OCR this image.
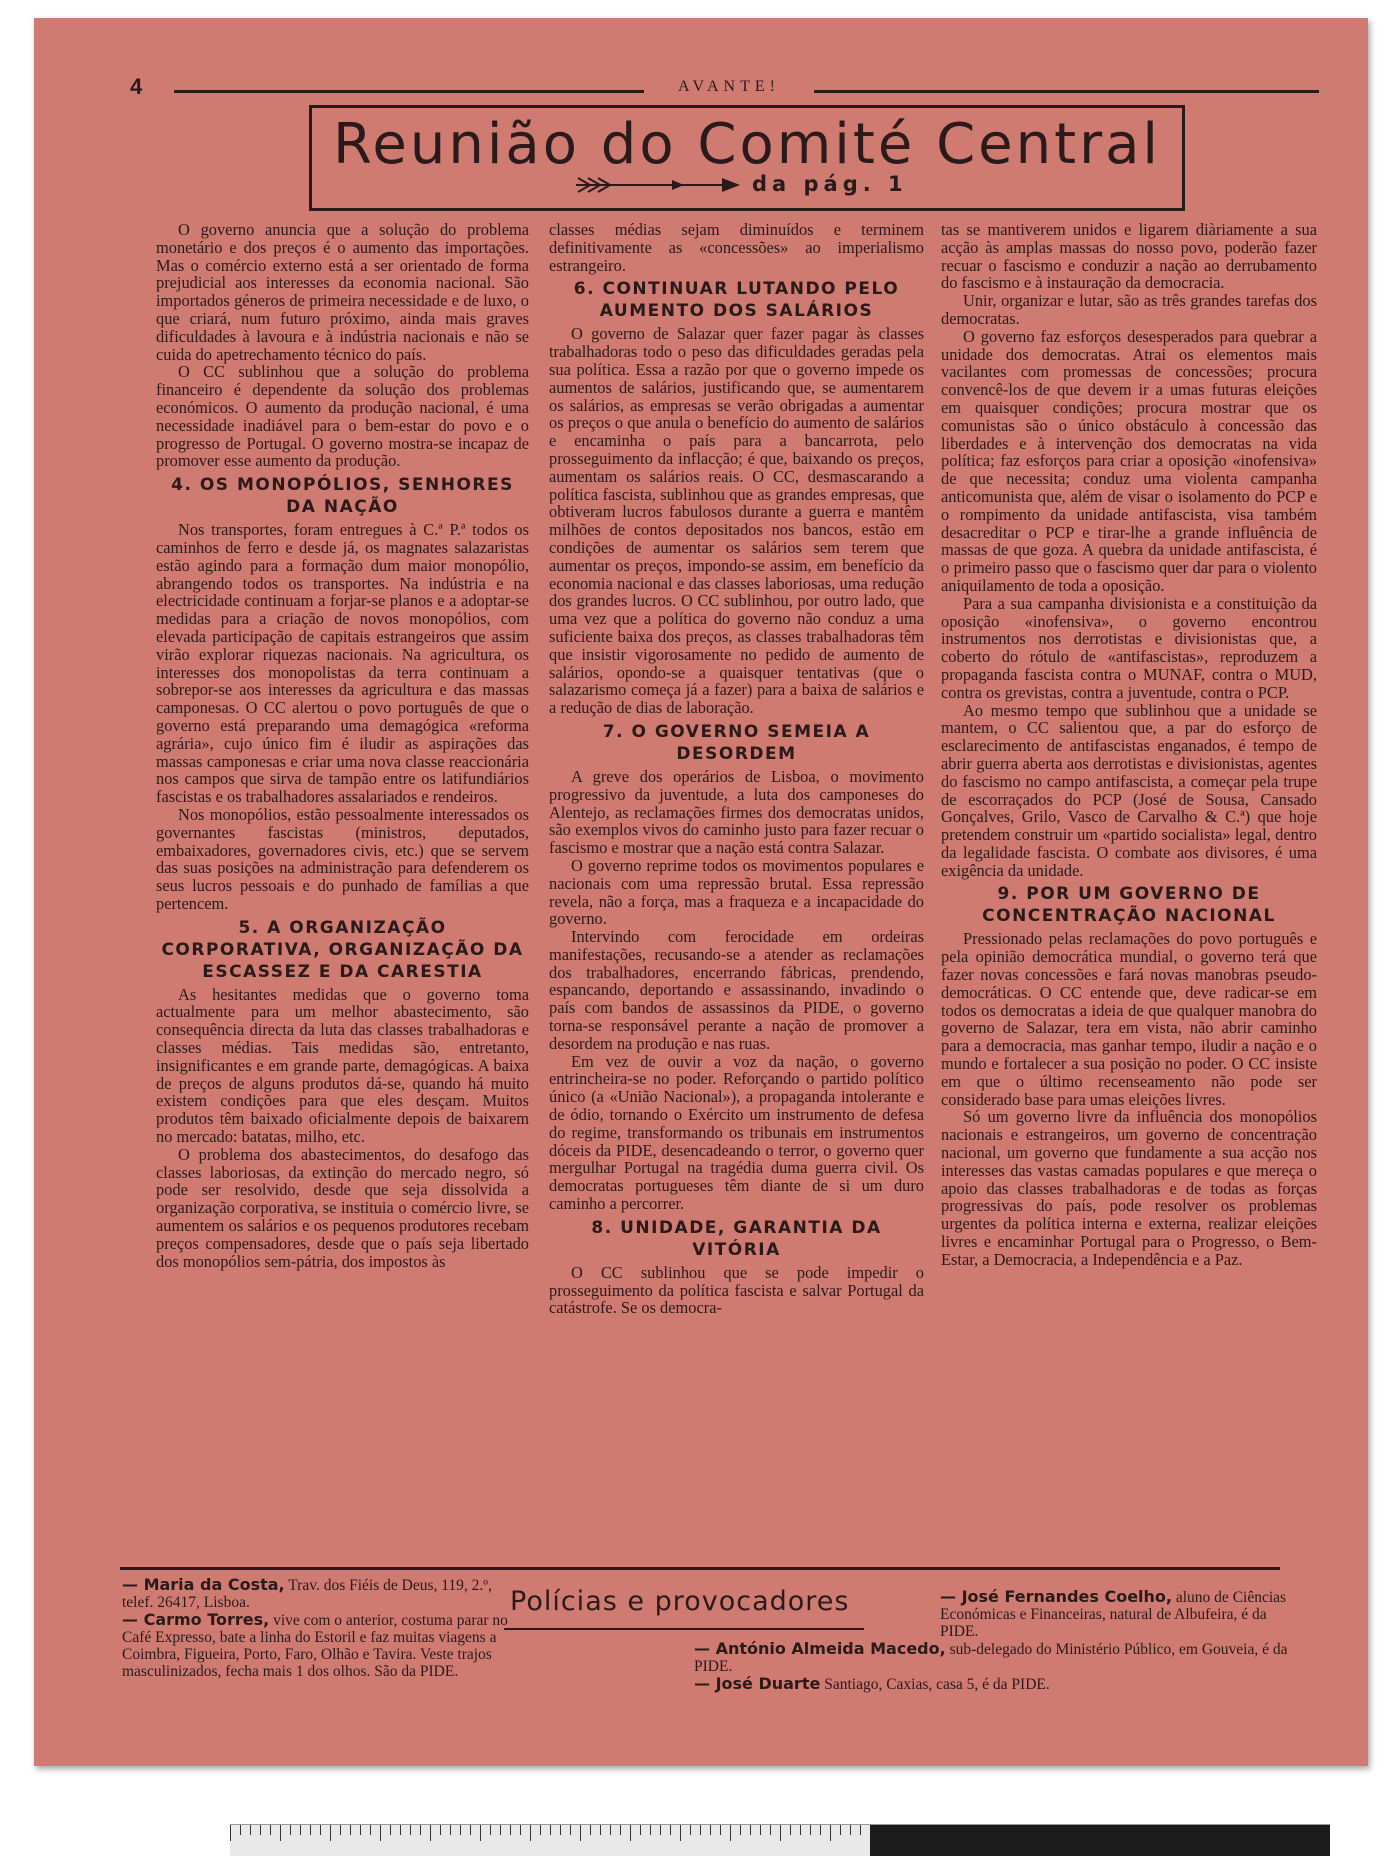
4	AVANTE!
Reunião do Comité Central
da pág. 1

O governo anuncia que a solução do problema monetário e dos preços é o aumento das importações. Mas o comércio externo está a ser orientado de forma prejudicial aos interesses da economia nacional. São importados géneros de primeira necessidade e de luxo, o que criará, num futuro próximo, ainda mais graves dificuldades à lavoura e à indústria nacionais e não se cuida do apetrechamento técnico do país.

O CC sublinhou que a solução do problema financeiro é dependente da solução dos problemas económicos. O aumento da produção nacional, é uma necessidade inadiável para o bem-estar do povo e o progresso de Portugal. O governo mostra-se incapaz de promover esse aumento da produção.

4. OS MONOPÓLIOS, SENHORES DA NAÇÃO

Nos transportes, foram entregues à C.ª P.ª todos os caminhos de ferro e desde já, os magnates salazaristas estão agindo para a formação dum maior monopólio, abrangendo todos os transportes. Na indústria e na electricidade continuam a forjar-se planos e a adoptar-se medidas para a criação de novos monopólios, com elevada participação de capitais estrangeiros que assim virão explorar riquezas nacionais. Na agricultura, os interesses dos monopolistas da terra continuam a sobrepor-se aos interesses da agricultura e das massas camponesas. O CC alertou o povo português de que o governo está preparando uma demagógica «reforma agrária», cujo único fim é iludir as aspirações das massas camponesas e criar uma nova classe reaccionária nos campos que sirva de tampão entre os latifundiários fascistas e os trabalhadores assalariados e rendeiros.

Nos monopólios, estão pessoalmente interessados os governantes fascistas (ministros, deputados, embaixadores, governadores civis, etc.) que se servem das suas posições na administração para defenderem os seus lucros pessoais e do punhado de famílias a que pertencem.

5. A ORGANIZAÇÃO CORPORATIVA, ORGANIZAÇÃO DA ESCASSEZ E DA CARESTIA

As hesitantes medidas que o governo toma actualmente para um melhor abastecimento, são consequência directa da luta das classes trabalhadoras e classes médias. Tais medidas são, entretanto, insignificantes e em grande parte, demagógicas. A baixa de preços de alguns produtos dá-se, quando há muito existem condições para que eles desçam. Muitos produtos têm baixado oficialmente depois de baixarem no mercado: batatas, milho, etc.

O problema dos abastecimentos, do desafogo das classes laboriosas, da extinção do mercado negro, só pode ser resolvido, desde que seja dissolvida a organização corporativa, se instituia o comércio livre, se aumentem os salários e os pequenos produtores recebam preços compensadores, desde que o país seja libertado dos monopólios sem-pátria, dos impostos às

classes médias sejam diminuídos e terminem definitivamente as «concessões» ao imperialismo estrangeiro.

6. CONTINUAR LUTANDO PELO AUMENTO DOS SALÁRIOS

O governo de Salazar quer fazer pagar às classes trabalhadoras todo o peso das dificuldades geradas pela sua política. Essa a razão por que o governo impede os aumentos de salários, justificando que, se aumentarem os salários, as empresas se verão obrigadas a aumentar os preços o que anula o benefício do aumento de salários e encaminha o país para a bancarrota, pelo prosseguimento da inflacção; é que, baixando os preços, aumentam os salários reais. O CC, desmascarando a política fascista, sublinhou que as grandes empresas, que obtiveram lucros fabulosos durante a guerra e mantêm milhões de contos depositados nos bancos, estão em condições de aumentar os salários sem terem que aumentar os preços, impondo-se assim, em benefício da economia nacional e das classes laboriosas, uma redução dos grandes lucros. O CC sublinhou, por outro lado, que uma vez que a política do governo não conduz a uma suficiente baixa dos preços, as classes trabalhadoras têm que insistir vigorosamente no pedido de aumento de salários, opondo-se a quaisquer tentativas (que o salazarismo começa já a fazer) para a baixa de salários e a redução de dias de laboração.

7. O GOVERNO SEMEIA A DESORDEM

A greve dos operários de Lisboa, o movimento progressivo da juventude, a luta dos camponeses do Alentejo, as reclamações firmes dos democratas unidos, são exemplos vivos do caminho justo para fazer recuar o fascismo e mostrar que a nação está contra Salazar.

O governo reprime todos os movimentos populares e nacionais com uma repressão brutal. Essa repressão revela, não a força, mas a fraqueza e a incapacidade do governo.

Intervindo com ferocidade em ordeiras manifestações, recusando-se a atender as reclamações dos trabalhadores, encerrando fábricas, prendendo, espancando, deportando e assassinando, invadindo o país com bandos de assassinos da PIDE, o governo torna-se responsável perante a nação de promover a desordem na produção e nas ruas.

Em vez de ouvir a voz da nação, o governo entrincheira-se no poder. Reforçando o partido político único (a «União Nacional»), a propaganda intolerante e de ódio, tornando o Exército um instrumento de defesa do regime, transformando os tribunais em instrumentos dóceis da PIDE, desencadeando o terror, o governo quer mergulhar Portugal na tragédia duma guerra civil. Os democratas portugueses têm diante de si um duro caminho a percorrer.

8. UNIDADE, GARANTIA DA VITÓRIA

O CC sublinhou que se pode impedir o prosseguimento da política fascista e salvar Portugal da catástrofe. Se os democra-

tas se mantiverem unidos e ligarem diàriamente a sua acção às amplas massas do nosso povo, poderão fazer recuar o fascismo e conduzir a nação ao derrubamento do fascismo e à instauração da democracia.

Unir, organizar e lutar, são as três grandes tarefas dos democratas.

O governo faz esforços desesperados para quebrar a unidade dos democratas. Atrai os elementos mais vacilantes com promessas de concessões; procura convencê-los de que devem ir a umas futuras eleições em quaisquer condições; procura mostrar que os comunistas são o único obstáculo à concessão das liberdades e à intervenção dos democratas na vida política; faz esforços para criar a oposição «inofensiva» de que necessita; conduz uma violenta campanha anticomunista que, além de visar o isolamento do PCP e o rompimento da unidade antifascista, visa também desacreditar o PCP e tirar-lhe a grande influência de massas de que goza. A quebra da unidade antifascista, é o primeiro passo que o fascismo quer dar para o violento aniquilamento de toda a oposição.

Para a sua campanha divisionista e a constituição da oposição «inofensiva», o governo encontrou instrumentos nos derrotistas e divisionistas que, a coberto do rótulo de «antifascistas», reproduzem a propaganda fascista contra o MUNAF, contra o MUD, contra os grevistas, contra a juventude, contra o PCP.

Ao mesmo tempo que sublinhou que a unidade se mantem, o CC salientou que, a par do esforço de esclarecimento de antifascistas enganados, é tempo de abrir guerra aberta aos derrotistas e divisionistas, agentes do fascismo no campo antifascista, a começar pela trupe de escorraçados do PCP (José de Sousa, Cansado Gonçalves, Grilo, Vasco de Carvalho & C.ª) que hoje pretendem construir um «partido socialista» legal, dentro da legalidade fascista. O combate aos divisores, é uma exigência da unidade.

9. POR UM GOVERNO DE CONCENTRAÇÃO NACIONAL

Pressionado pelas reclamações do povo português e pela opinião democrática mundial, o governo terá que fazer novas concessões e fará novas manobras pseudo-democráticas. O CC entende que, deve radicar-se em todos os democratas a ideia de que qualquer manobra do governo de Salazar, tera em vista, não abrir caminho para a democracia, mas ganhar tempo, iludir a nação e o mundo e fortalecer a sua posição no poder. O CC insiste em que o último recenseamento não pode ser considerado base para umas eleições livres.

Só um governo livre da influência dos monopólios nacionais e estrangeiros, um governo de concentração nacional, um governo que fundamente a sua acção nos interesses das vastas camadas populares e que mereça o apoio das classes trabalhadoras e de todas as forças progressivas do país, pode resolver os problemas urgentes da política interna e externa, realizar eleições livres e encaminhar Portugal para o Progresso, o Bem-Estar, a Democracia, a Independência e a Paz.

Polícias e provocadores
— Maria da Costa, Trav. dos Fiéis de Deus, 119, 2.º, telef. 26417, Lisboa.
— Carmo Torres, vive com o anterior, costuma parar no Café Expresso, bate a linha do Estoril e faz muitas viagens a Coimbra, Figueira, Porto, Faro, Olhão e Tavira. Veste trajos masculinizados, fecha mais 1 dos olhos. São da PIDE.
— José Fernandes Coelho, aluno de Ciências Económicas e Financeiras, natural de Albufeira, é da PIDE.
— António Almeida Macedo, sub-delegado do Ministério Público, em Gouveia, é da PIDE.
— José Duarte Santiago, Caxias, casa 5, é da PIDE.
